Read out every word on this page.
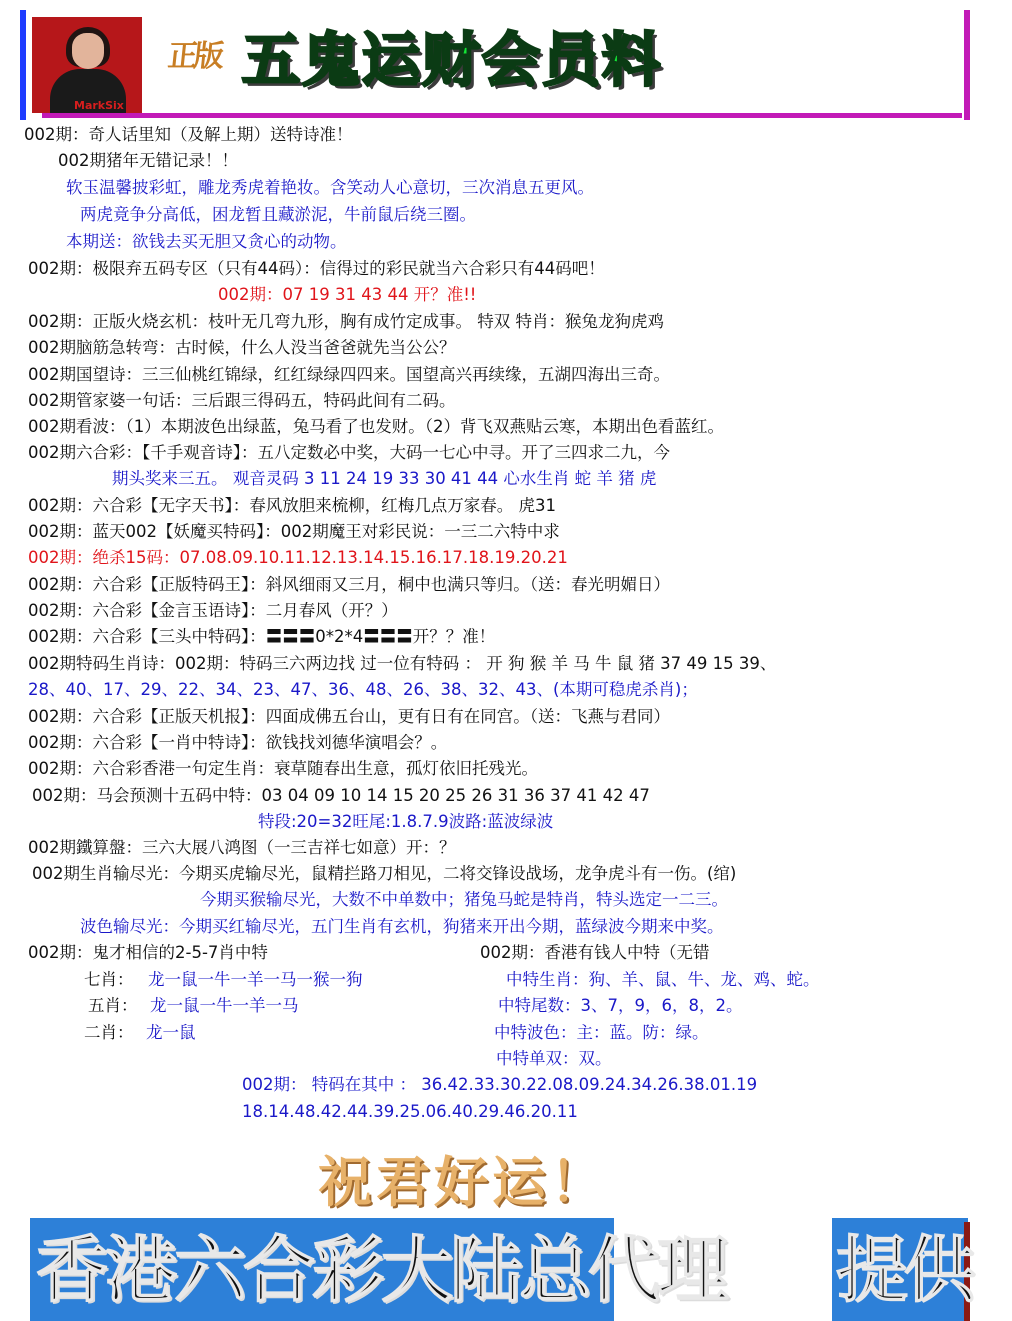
MarkSix
正版 五鬼运财会员料
002期：奇人话里知（及解上期）送特诗准！
002期猪年无错记录！！
软玉温馨披彩虹，雕龙秀虎着艳妆。含笑动人心意切，三次消息五更风。
两虎竟争分高低，困龙暂且藏淤泥，牛前鼠后绕三圈。
本期送：欲钱去买无胆又贪心的动物。
002期：极限弃五码专区（只有44码）：信得过的彩民就当六合彩只有44码吧！
002期：07 19 31 43 44 开？准!!
002期：正版火烧玄机：枝叶无几弯九形，胸有成竹定成事。 特双 特肖：猴兔龙狗虎鸡
002期脑筋急转弯：古时候，什么人没当爸爸就先当公公？
002期国望诗：三三仙桃红锦绿，红红绿绿四四来。国望高兴再续缘，五湖四海出三奇。
002期管家婆一句话：三后跟三得码五，特码此间有二码。
002期看波：（1）本期波色出绿蓝，兔马看了也发财。（2）背飞双燕贴云寒，本期出色看蓝红。
002期六合彩：【千手观音诗】：五八定数必中奖，大码一七心中寻。开了三四求二九，今
期头奖来三五。 观音灵码 3 11 24 19 33 30 41 44 心水生肖 蛇 羊 猪 虎
002期：六合彩【无字天书】：春风放胆来梳柳，红梅几点万家春。 虎31
002期：蓝天002【妖魔买特码】：002期魔王对彩民说：一三二六特中求
002期：绝杀15码：07.08.09.10.11.12.13.14.15.16.17.18.19.20.21
002期：六合彩【正版特码王】：斜风细雨又三月，桐中也满只等归。（送：春光明媚日）
002期：六合彩【金言玉语诗】：二月春风（开？）
002期：六合彩【三头中特码】：〓〓〓0*2*4〓〓〓开？？准！
002期特码生肖诗：002期：特码三六两边找 过一位有特码 ： 开 狗 猴 羊 马 牛 鼠 猪 37 49 15 39、
28、40、17、29、22、34、23、47、36、48、26、38、32、43、(本期可稳虎杀肖)；
002期：六合彩【正版天机报】：四面成佛五台山，更有日有在同宫。（送：飞燕与君同）
002期：六合彩【一肖中特诗】：欲钱找刘德华演唱会？。
002期：六合彩香港一句定生肖：衰草随春出生意，孤灯依旧托残光。
002期：马会预测十五码中特：03 04 09 10 14 15 20 25 26 31 36 37 41 42 47
特段:20=32旺尾:1.8.7.9波路:蓝波绿波
002期鐵算盤：三六大展八鸿图（一三吉祥七如意）开：？
002期生肖输尽光：今期买虎输尽光，鼠精拦路刀相见，二将交锋设战场，龙争虎斗有一伤。(绾)
今期买猴输尽光，大数不中单数中；猪兔马蛇是特肖，特头选定一二三。
波色输尽光：今期买红输尽光，五门生肖有玄机，狗猪来开出今期，蓝绿波今期来中奖。
002期：鬼才相信的2-5-7肖中特
七肖： 龙一鼠一牛一羊一马一猴一狗
五肖： 龙一鼠一牛一羊一马
二肖： 龙一鼠
002期：香港有钱人中特（无错
中特生肖：狗、羊、鼠、牛、龙、鸡、蛇。
中特尾数：3、7，9，6，8，2。
中特波色：主：蓝。防：绿。
中特单双：双。
002期： 特码在其中 ： 36.42.33.30.22.08.09.24.34.26.38.01.19
18.14.48.42.44.39.25.06.40.29.46.20.11
祝君好运！
香港六合彩大陆总代理 提供
